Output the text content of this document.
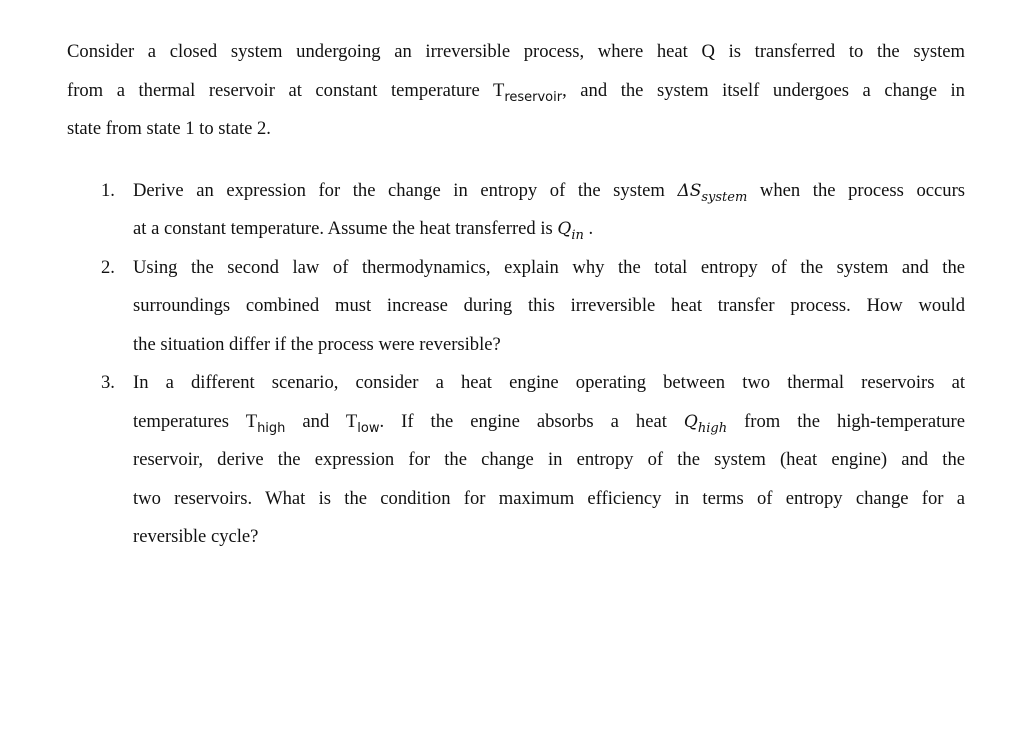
Consider a closed system undergoing an irreversible process, where heat Q is transferred to the system
from a thermal reservoir at constant temperature $T_{reservoir}$, and the system itself undergoes a change in
state from state 1 to state 2.
1. Derive an expression for the change in entropy of the system $\Delta S_{system}$ when the process occurs
at a constant temperature. Assume the heat transferred is $Q_{in}$ .
2. Using the second law of thermodynamics, explain why the total entropy of the system and the
surroundings combined must increase during this irreversible heat transfer process. How would
the situation differ if the process were reversible?
3. In a different scenario, consider a heat engine operating between two thermal reservoirs at
temperatures $T_{high}$ and $T_{low}$. If the engine absorbs a heat $Q_{high}$ from the high-temperature
reservoir, derive the expression for the change in entropy of the system (heat engine) and the
two reservoirs. What is the condition for maximum efficiency in terms of entropy change for a
reversible cycle?
